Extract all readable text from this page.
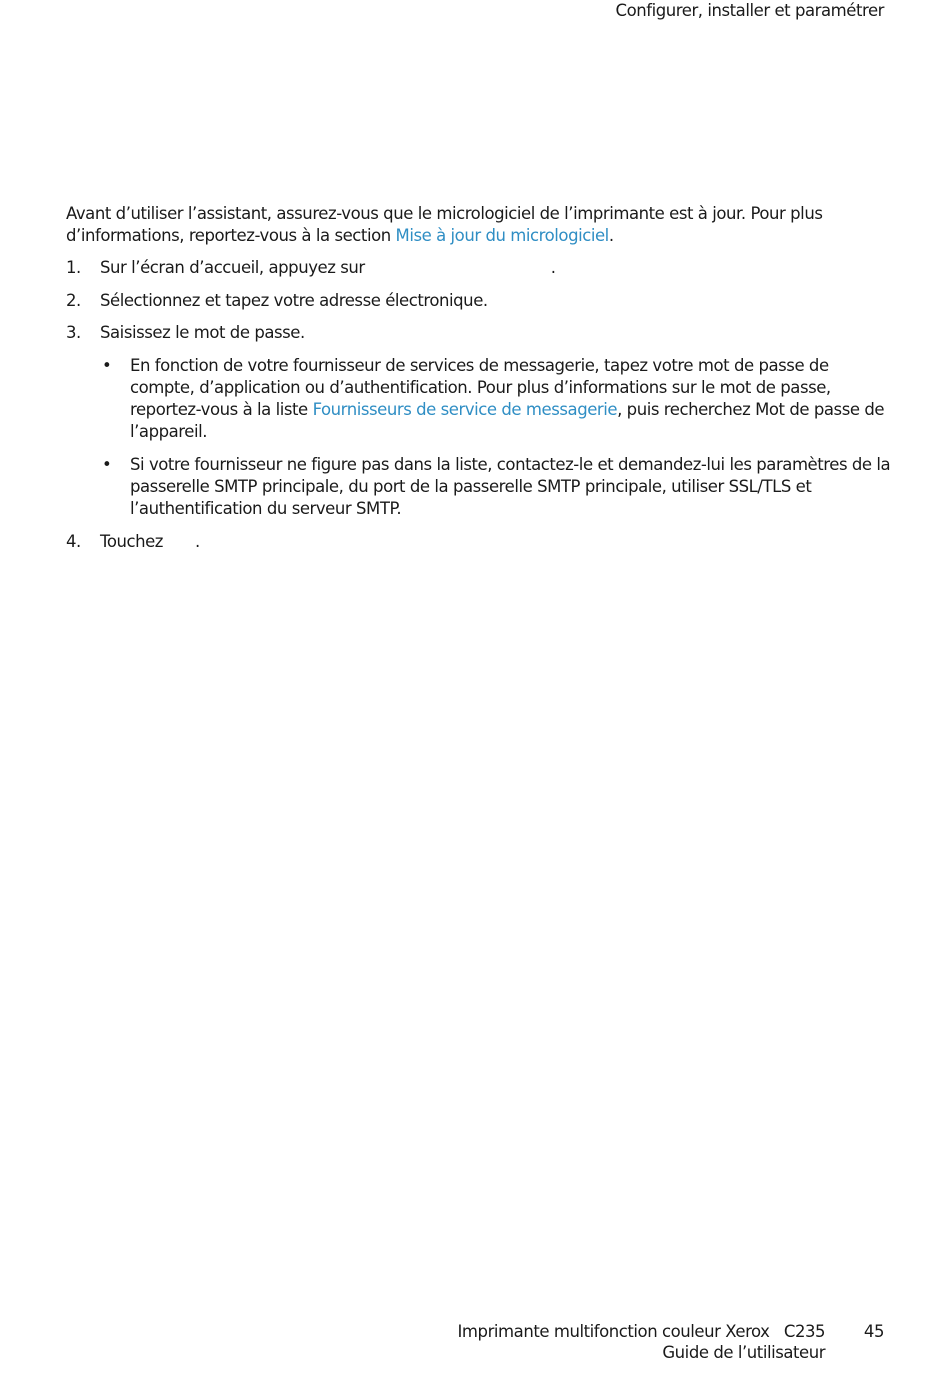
Configurer, installer et paramétrer

Avant d’utiliser l’assistant, assurez-vous que le micrologiciel de l’imprimante est à jour. Pour plus d’informations, reportez-vous à la section Mise à jour du micrologiciel.

1. Sur l’écran d’accueil, appuyez sur	.
2. Sélectionnez et tapez votre adresse électronique.
3. Saisissez le mot de passe.
• En fonction de votre fournisseur de services de messagerie, tapez votre mot de passe de compte, d’application ou d’authentification. Pour plus d’informations sur le mot de passe, reportez-vous à la liste Fournisseurs de service de messagerie, puis recherchez Mot de passe de l’appareil.
• Si votre fournisseur ne figure pas dans la liste, contactez-le et demandez-lui les paramètres de la passerelle SMTP principale, du port de la passerelle SMTP principale, utiliser SSL/TLS et l’authentification du serveur SMTP.
4. Touchez .
Imprimante multifonction couleur Xerox   C235
Guide de l’utilisateur
45
